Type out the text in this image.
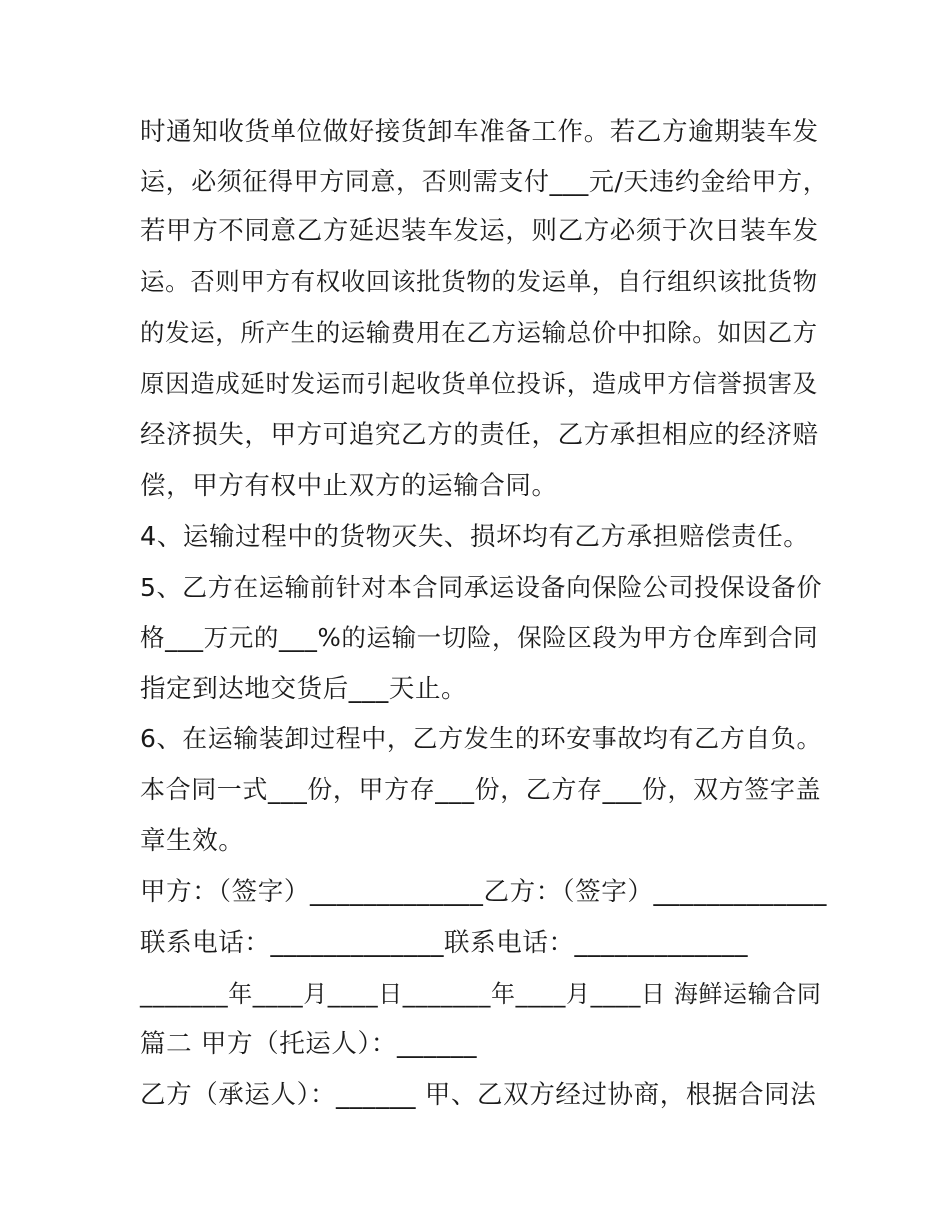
时通知收货单位做好接货卸车准备工作。若乙方逾期装车发
运，必须征得甲方同意，否则需支付___元/天违约金给甲方，
若甲方不同意乙方延迟装车发运，则乙方必须于次日装车发
运。否则甲方有权收回该批货物的发运单，自行组织该批货物
的发运，所产生的运输费用在乙方运输总价中扣除。如因乙方
原因造成延时发运而引起收货单位投诉，造成甲方信誉损害及
经济损失，甲方可追究乙方的责任，乙方承担相应的经济赔
偿，甲方有权中止双方的运输合同。
4、运输过程中的货物灭失、损坏均有乙方承担赔偿责任。
5、乙方在运输前针对本合同承运设备向保险公司投保设备价
格___万元的___%的运输一切险，保险区段为甲方仓库到合同
指定到达地交货后___天止。
6、在运输装卸过程中，乙方发生的环安事故均有乙方自负。
本合同一式___份，甲方存___份，乙方存___份，双方签字盖
章生效。
甲方：（签字）_____________乙方：（签字）_____________
联系电话：_____________联系电话：_____________
_______年____月____日_______年____月____日 海鲜运输合同
篇二 甲方（托运人）：______
乙方（承运人）：______ 甲、乙双方经过协商，根据合同法
